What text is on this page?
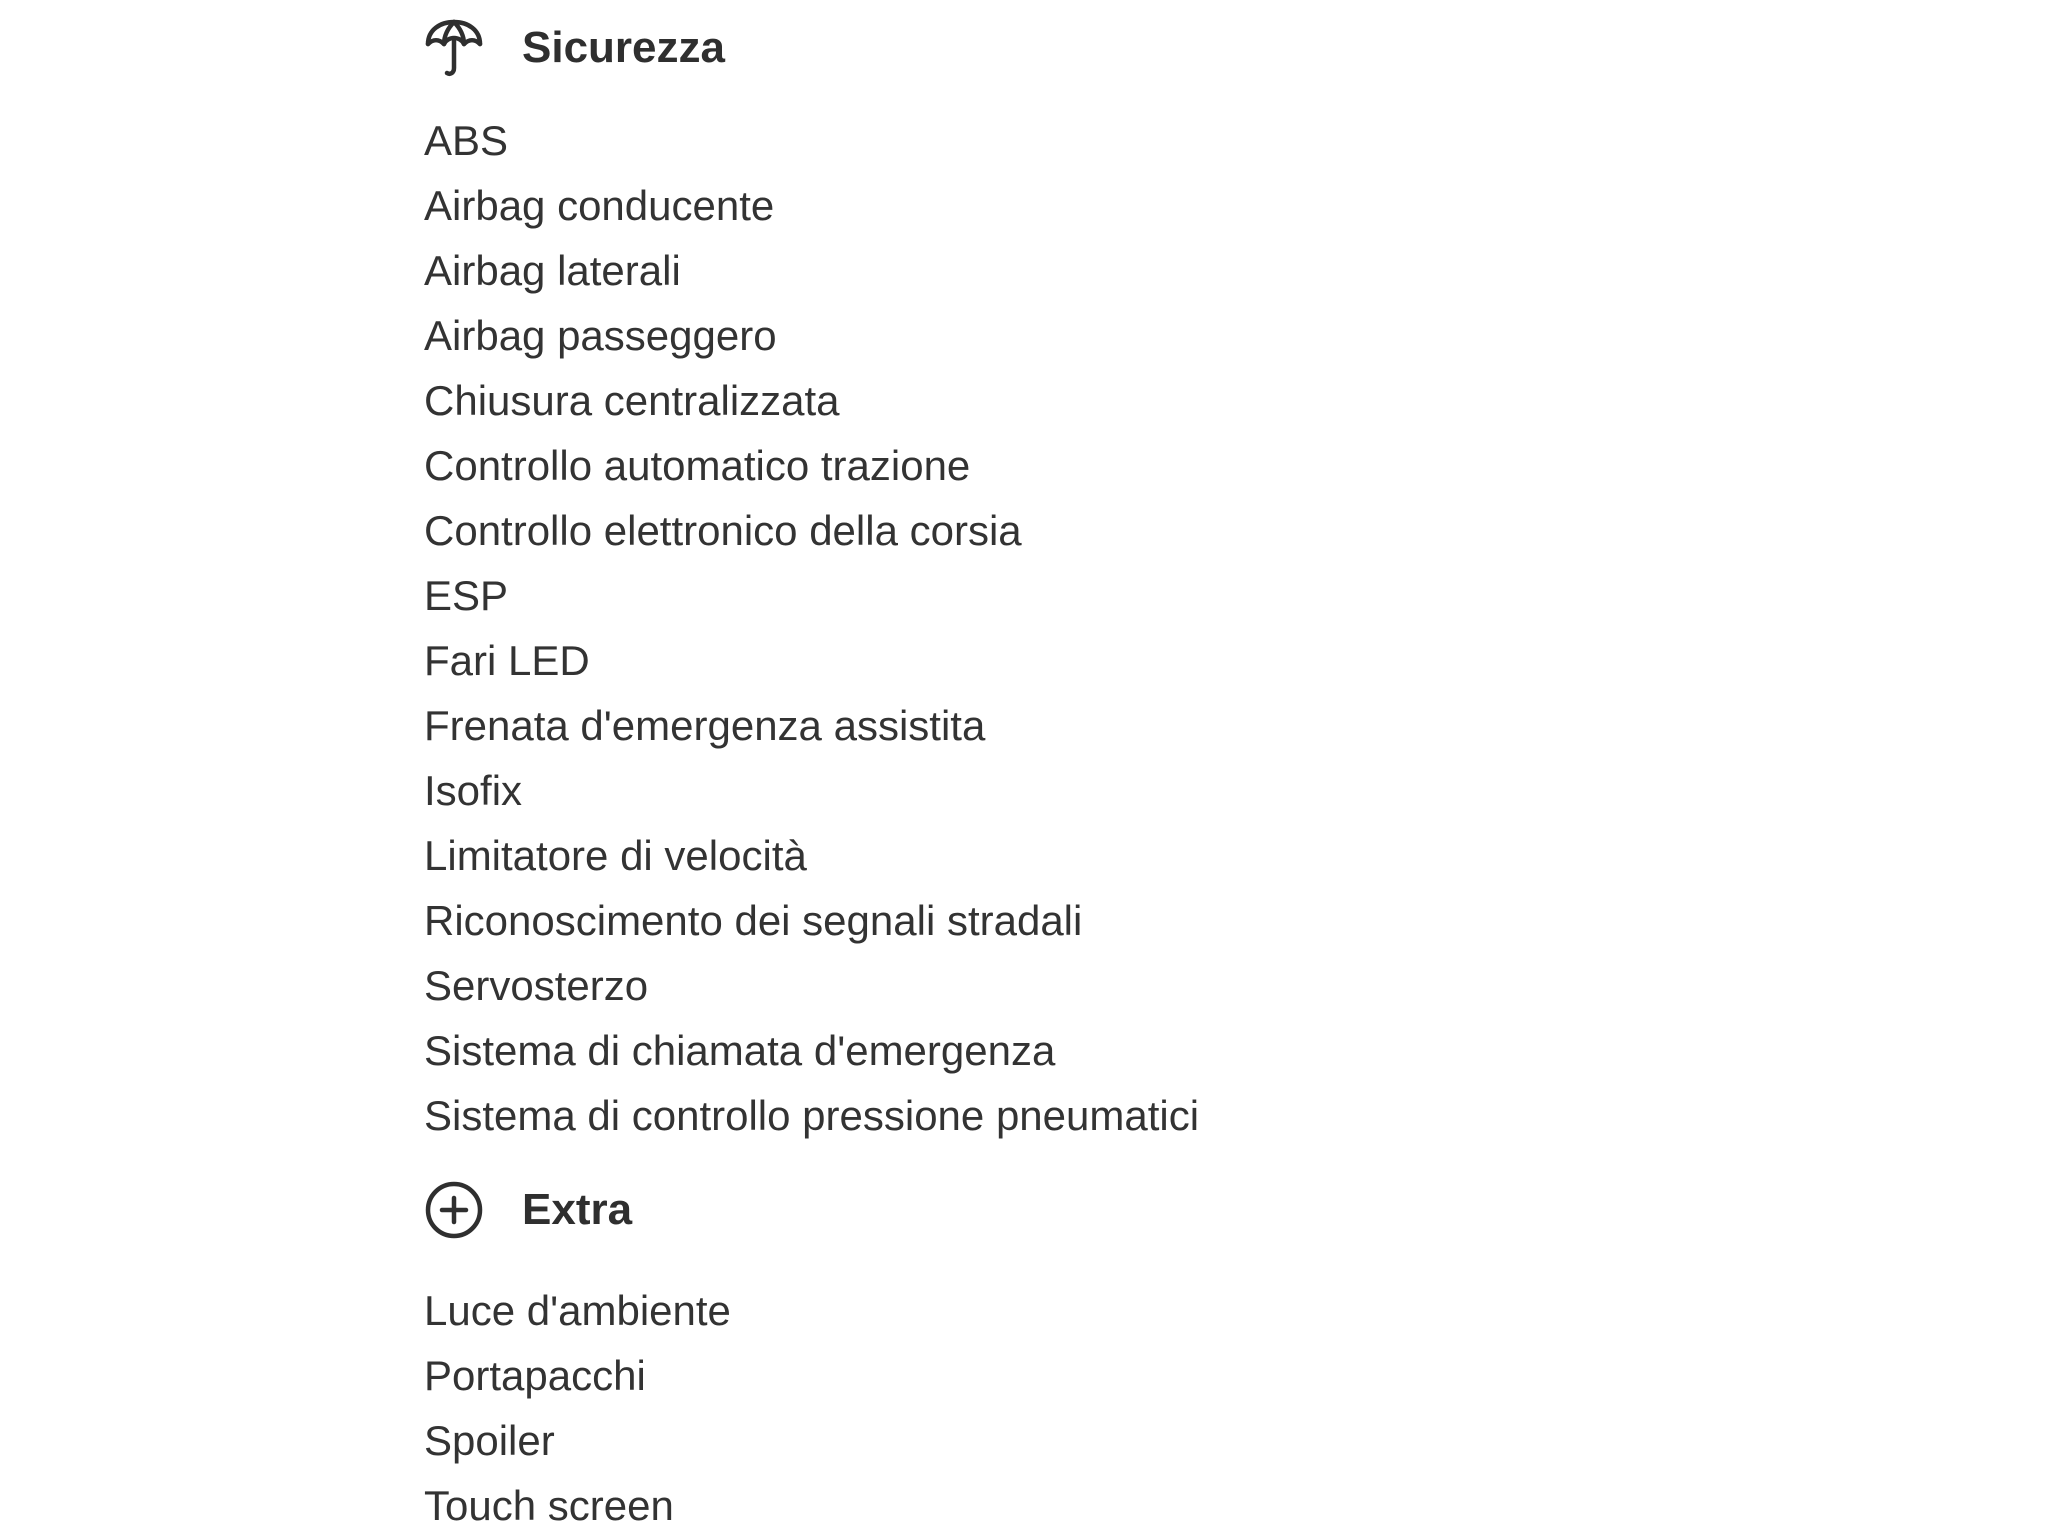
Sicurezza
ABS
Airbag conducente
Airbag laterali
Airbag passeggero
Chiusura centralizzata
Controllo automatico trazione
Controllo elettronico della corsia
ESP
Fari LED
Frenata d'emergenza assistita
Isofix
Limitatore di velocità
Riconoscimento dei segnali stradali
Servosterzo
Sistema di chiamata d'emergenza
Sistema di controllo pressione pneumatici
Extra
Luce d'ambiente
Portapacchi
Spoiler
Touch screen
